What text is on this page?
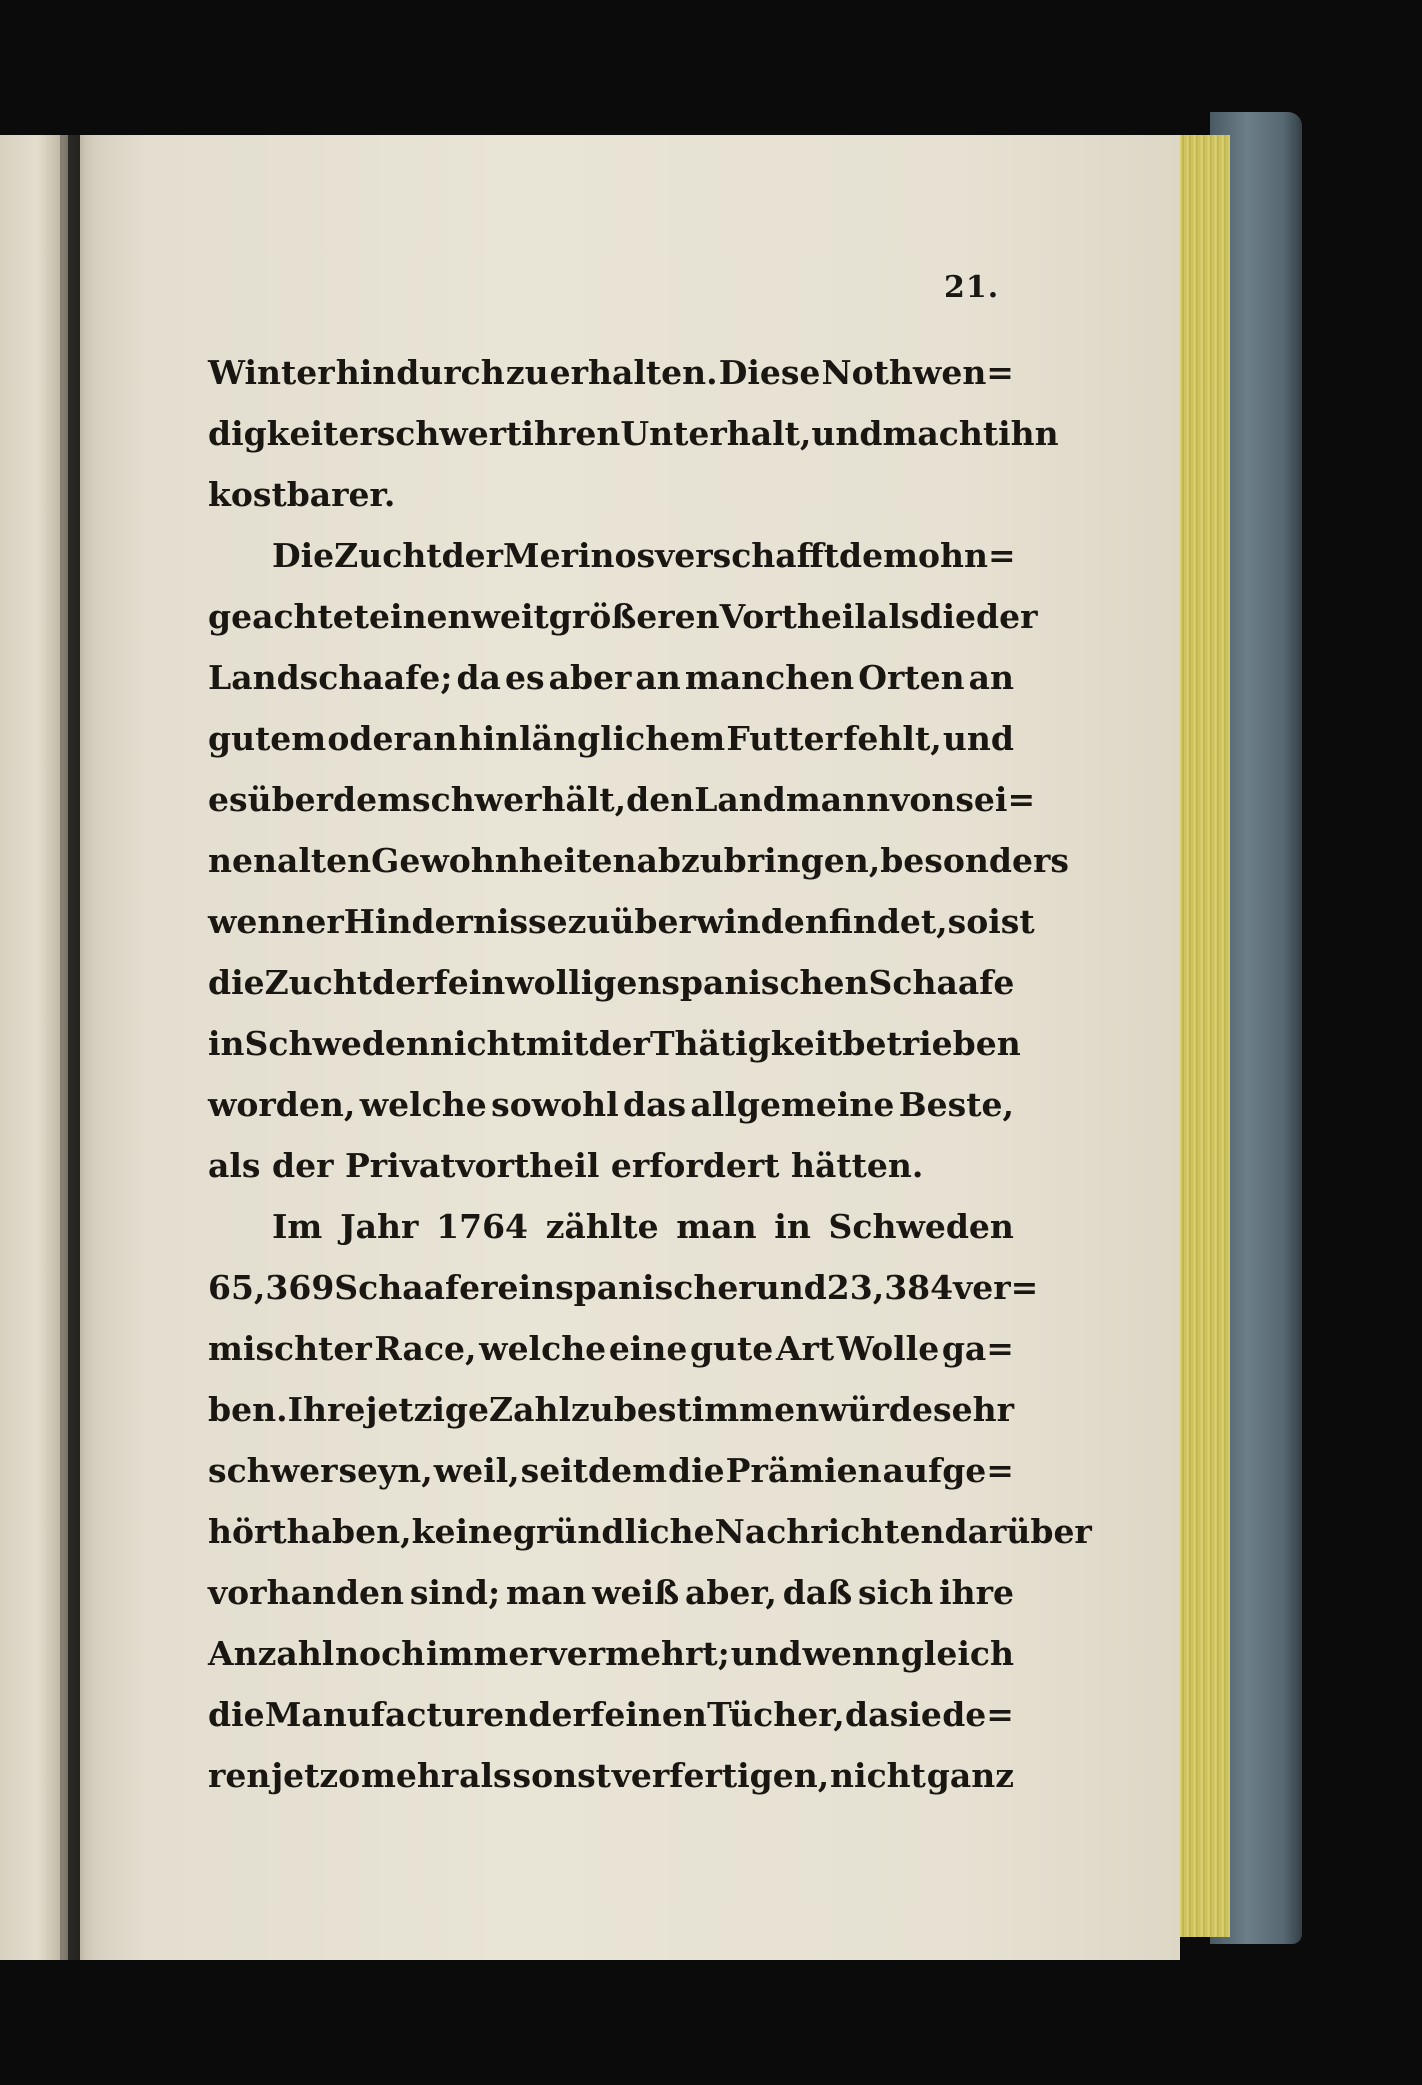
21.
Winter hindurch zu erhalten. Diese Nothwen=
digkeit erschwert ihren Unterhalt, und macht ihn
kostbarer.
Die Zucht der Merinos verschafft demohn=
geachtet einen weit größeren Vortheil als die der
Landschaafe; da es aber an manchen Orten an
gutem oder an hinlänglichem Futter fehlt, und
es überdem schwer hält, den Landmann von sei=
nen alten Gewohnheiten abzubringen, besonders
wenn er Hindernisse zu überwinden findet, so ist
die Zucht der feinwolligen spanischen Schaafe
in Schweden nicht mit der Thätigkeit betrieben
worden, welche sowohl das allgemeine Beste,
als der Privatvortheil erfordert hätten.
Im Jahr 1764 zählte man in Schweden
65,369 Schaafe rein spanischer und 23,384 ver=
mischter Race, welche eine gute Art Wolle ga=
ben. Ihre jetzige Zahl zu bestimmen würde sehr
schwer seyn, weil, seitdem die Prämien aufge=
hört haben, keine gründliche Nachrichten darüber
vorhanden sind; man weiß aber, daß sich ihre
Anzahl noch immer vermehrt; und wenn gleich
die Manufacturen der feinen Tücher, da sie de=
ren jetzo mehr als sonst verfertigen, nicht ganz
